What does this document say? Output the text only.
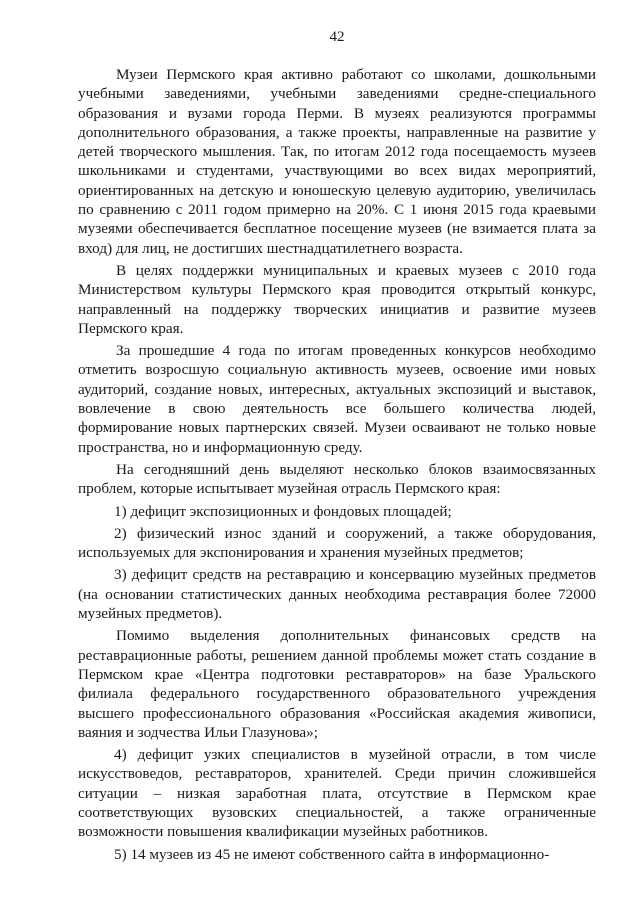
42

Музеи Пермского края активно работают со школами, дошкольными учебными заведениями, учебными заведениями средне-специального образования и вузами города Перми. В музеях реализуются программы дополнительного образования, а также проекты, направленные на развитие у детей творческого мышления. Так, по итогам 2012 года посещаемость музеев школьниками и студентами, участвующими во всех видах мероприятий, ориентированных на детскую и юношескую целевую аудиторию, увеличилась по сравнению с 2011 годом примерно на 20%. С 1 июня 2015 года краевыми музеями обеспечивается бесплатное посещение музеев (не взимается плата за вход) для лиц, не достигших шестнадцатилетнего возраста.

В целях поддержки муниципальных и краевых музеев с 2010 года Министерством культуры Пермского края проводится открытый конкурс, направленный на поддержку творческих инициатив и развитие музеев Пермского края.

За прошедшие 4 года по итогам проведенных конкурсов необходимо отметить возросшую социальную активность музеев, освоение ими новых аудиторий, создание новых, интересных, актуальных экспозиций и выставок, вовлечение в свою деятельность все большего количества людей, формирование новых партнерских связей. Музеи осваивают не только новые пространства, но и информационную среду.

На сегодняшний день выделяют несколько блоков взаимосвязанных проблем, которые испытывает музейная отрасль Пермского края:

1) дефицит экспозиционных и фондовых площадей;

2) физический износ зданий и сооружений, а также оборудования, используемых для экспонирования и хранения музейных предметов;

3) дефицит средств на реставрацию и консервацию музейных предметов (на основании статистических данных необходима реставрация более 72000 музейных предметов).

Помимо выделения дополнительных финансовых средств на реставрационные работы, решением данной проблемы может стать создание в Пермском крае «Центра подготовки реставраторов» на базе Уральского филиала федерального государственного образовательного учреждения высшего профессионального образования «Российская академия живописи, ваяния и зодчества Ильи Глазунова»;

4) дефицит узких специалистов в музейной отрасли, в том числе искусствоведов, реставраторов, хранителей. Среди причин сложившейся ситуации – низкая заработная плата, отсутствие в Пермском крае соответствующих вузовских специальностей, а также ограниченные возможности повышения квалификации музейных работников.

5) 14 музеев из 45 не имеют собственного сайта в информационно-
